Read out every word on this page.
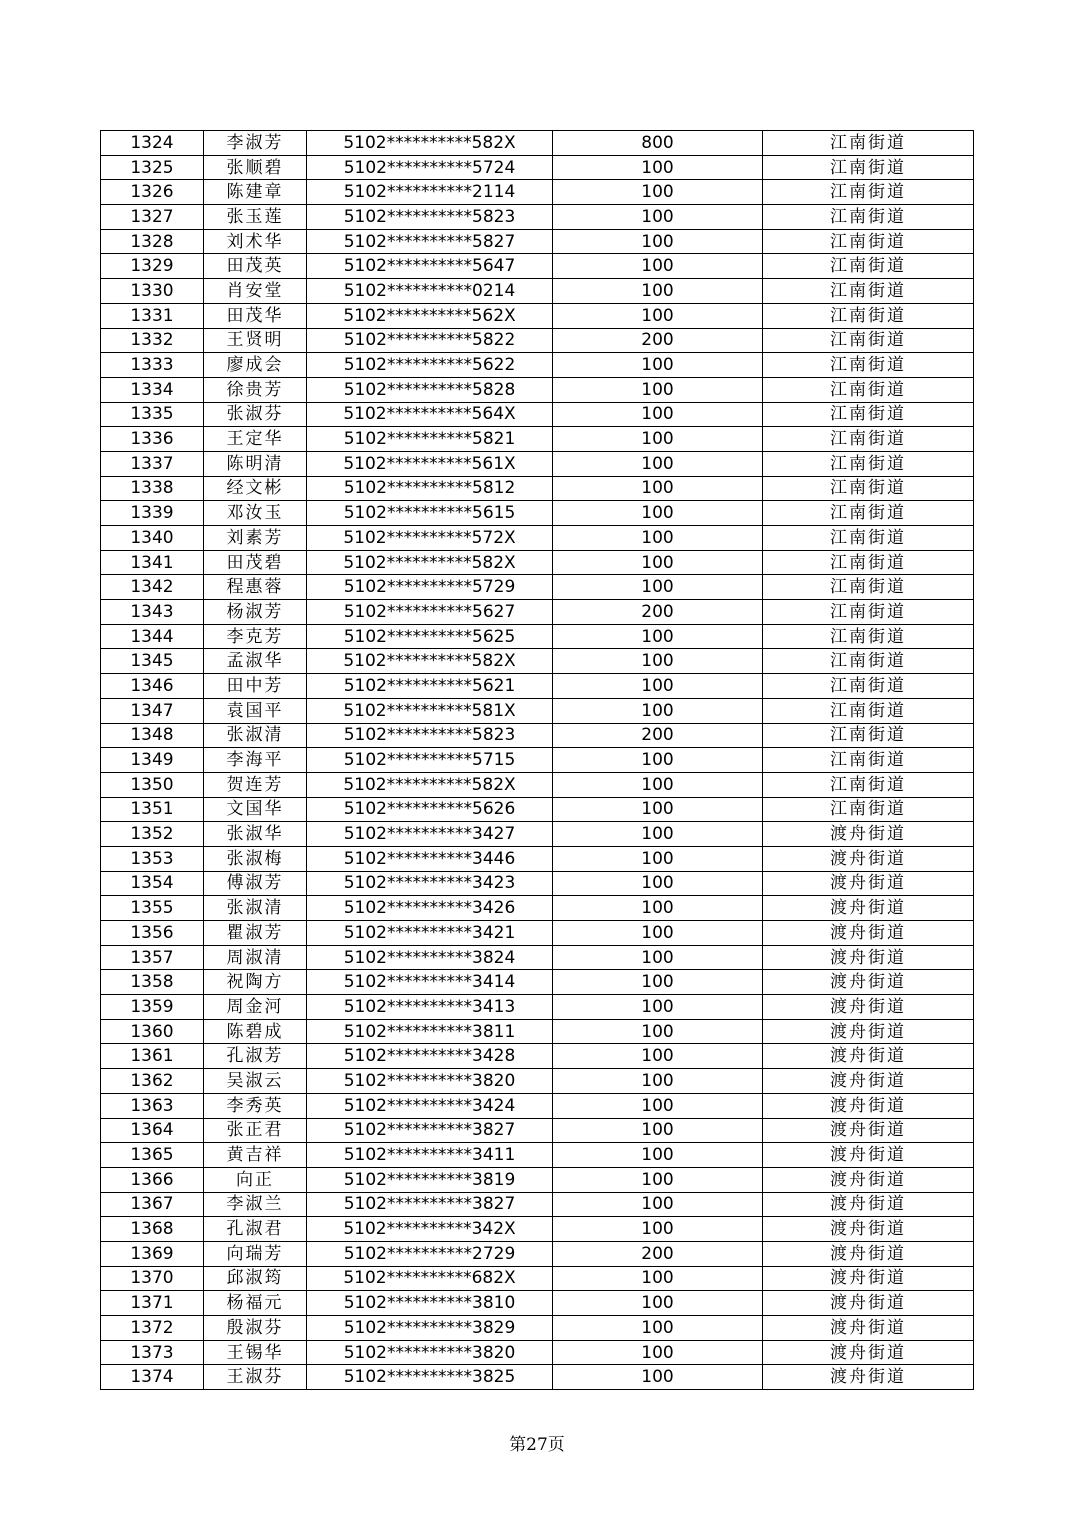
1324	李淑芳	5102**********582X	800	江南街道
1325	张顺碧	5102**********5724	100	江南街道
1326	陈建章	5102**********2114	100	江南街道
1327	张玉莲	5102**********5823	100	江南街道
1328	刘术华	5102**********5827	100	江南街道
1329	田茂英	5102**********5647	100	江南街道
1330	肖安堂	5102**********0214	100	江南街道
1331	田茂华	5102**********562X	100	江南街道
1332	王贤明	5102**********5822	200	江南街道
1333	廖成会	5102**********5622	100	江南街道
1334	徐贵芳	5102**********5828	100	江南街道
1335	张淑芬	5102**********564X	100	江南街道
1336	王定华	5102**********5821	100	江南街道
1337	陈明清	5102**********561X	100	江南街道
1338	经文彬	5102**********5812	100	江南街道
1339	邓汝玉	5102**********5615	100	江南街道
1340	刘素芳	5102**********572X	100	江南街道
1341	田茂碧	5102**********582X	100	江南街道
1342	程惠蓉	5102**********5729	100	江南街道
1343	杨淑芳	5102**********5627	200	江南街道
1344	李克芳	5102**********5625	100	江南街道
1345	孟淑华	5102**********582X	100	江南街道
1346	田中芳	5102**********5621	100	江南街道
1347	袁国平	5102**********581X	100	江南街道
1348	张淑清	5102**********5823	200	江南街道
1349	李海平	5102**********5715	100	江南街道
1350	贺连芳	5102**********582X	100	江南街道
1351	文国华	5102**********5626	100	江南街道
1352	张淑华	5102**********3427	100	渡舟街道
1353	张淑梅	5102**********3446	100	渡舟街道
1354	傅淑芳	5102**********3423	100	渡舟街道
1355	张淑清	5102**********3426	100	渡舟街道
1356	瞿淑芳	5102**********3421	100	渡舟街道
1357	周淑清	5102**********3824	100	渡舟街道
1358	祝陶方	5102**********3414	100	渡舟街道
1359	周金河	5102**********3413	100	渡舟街道
1360	陈碧成	5102**********3811	100	渡舟街道
1361	孔淑芳	5102**********3428	100	渡舟街道
1362	吴淑云	5102**********3820	100	渡舟街道
1363	李秀英	5102**********3424	100	渡舟街道
1364	张正君	5102**********3827	100	渡舟街道
1365	黄吉祥	5102**********3411	100	渡舟街道
1366	向正	5102**********3819	100	渡舟街道
1367	李淑兰	5102**********3827	100	渡舟街道
1368	孔淑君	5102**********342X	100	渡舟街道
1369	向瑞芳	5102**********2729	200	渡舟街道
1370	邱淑筠	5102**********682X	100	渡舟街道
1371	杨福元	5102**********3810	100	渡舟街道
1372	殷淑芬	5102**********3829	100	渡舟街道
1373	王锡华	5102**********3820	100	渡舟街道
1374	王淑芬	5102**********3825	100	渡舟街道
第27页
